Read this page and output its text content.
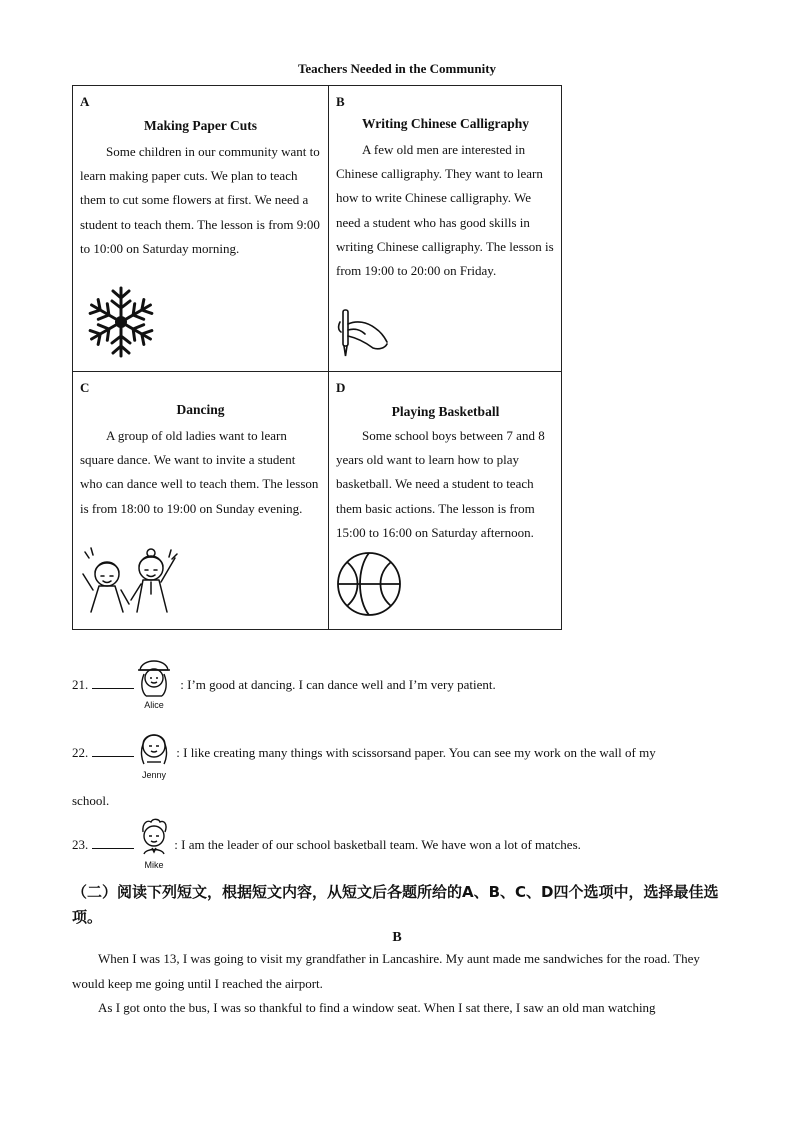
Teachers Needed in the Community
A
Making Paper Cuts
Some children in our community want to learn making paper cuts. We plan to teach them to cut some flowers at first. We need a student to teach them. The lesson is from 9:00 to 10:00 on Saturday morning.
B
Writing Chinese Calligraphy
A few old men are interested in Chinese calligraphy. They want to learn how to write Chinese calligraphy. We need a student who has good skills in writing Chinese calligraphy. The lesson is from 19:00 to 20:00 on Friday.
C
Dancing
A group of old ladies want to learn square dance. We want to invite a student who can dance well to teach them. The lesson is from 18:00 to 19:00 on Sunday evening.
D
Playing Basketball
Some school boys between 7 and 8 years old want to learn how to play basketball. We need a student to teach them basic actions. The lesson is from 15:00 to 16:00 on Saturday afternoon.
21.	: I’m good at dancing. I can dance well and I’m very patient.
Alice
22.	: I like creating many things with scissorsand paper. You can see my work on the wall of my
school.
Jenny
23.	: I am the leader of our school basketball team. We have won a lot of matches.
Mike
（二）阅读下列短文，根据短文内容，从短文后各题所给的A、B、C、D四个选项中，选择最佳选项。
B
When I was 13, I was going to visit my grandfather in Lancashire. My aunt made me sandwiches for the road. They would keep me going until I reached the airport.
As I got onto the bus, I was so thankful to find a window seat. When I sat there, I saw an old man watching
